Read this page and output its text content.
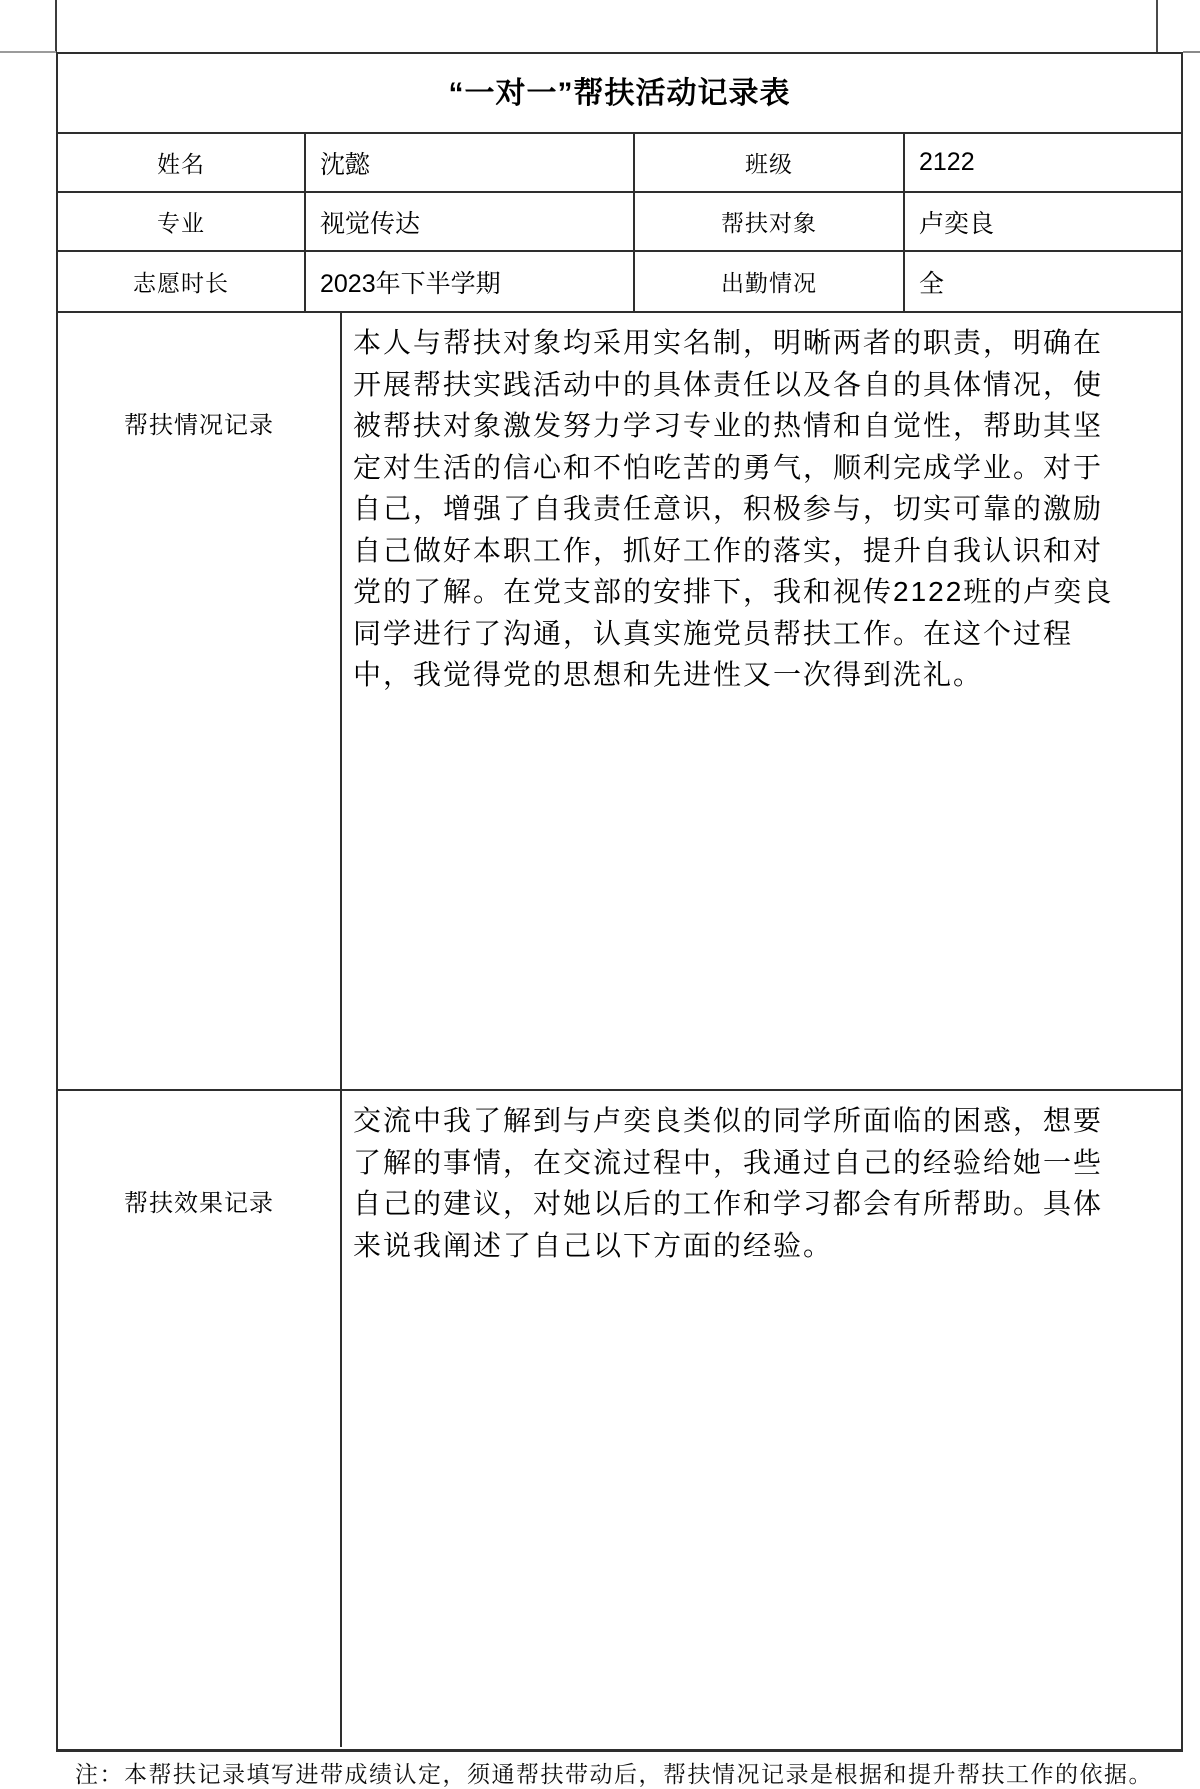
“一对一”帮扶活动记录表
姓名	沈懿	班级	2122
专业	视觉传达	帮扶对象	卢奕良
志愿时长	2023年下半学期	出勤情况	全
帮扶情况记录
本人与帮扶对象均采用实名制，明晰两者的职责，明确在
开展帮扶实践活动中的具体责任以及各自的具体情况，使
被帮扶对象激发努力学习专业的热情和自觉性，帮助其坚
定对生活的信心和不怕吃苦的勇气，顺利完成学业。对于
自己，增强了自我责任意识，积极参与，切实可靠的激励
自己做好本职工作，抓好工作的落实，提升自我认识和对
党的了解。在党支部的安排下，我和视传2122班的卢奕良
同学进行了沟通，认真实施党员帮扶工作。在这个过程
中，我觉得党的思想和先进性又一次得到洗礼。
帮扶效果记录
交流中我了解到与卢奕良类似的同学所面临的困惑，想要
了解的事情，在交流过程中，我通过自己的经验给她一些
自己的建议，对她以后的工作和学习都会有所帮助。具体
来说我阐述了自己以下方面的经验。
注：本帮扶记录填写进带成绩认定，须通帮扶带动后，帮扶情况记录是根据和提升帮扶工作的依据。
